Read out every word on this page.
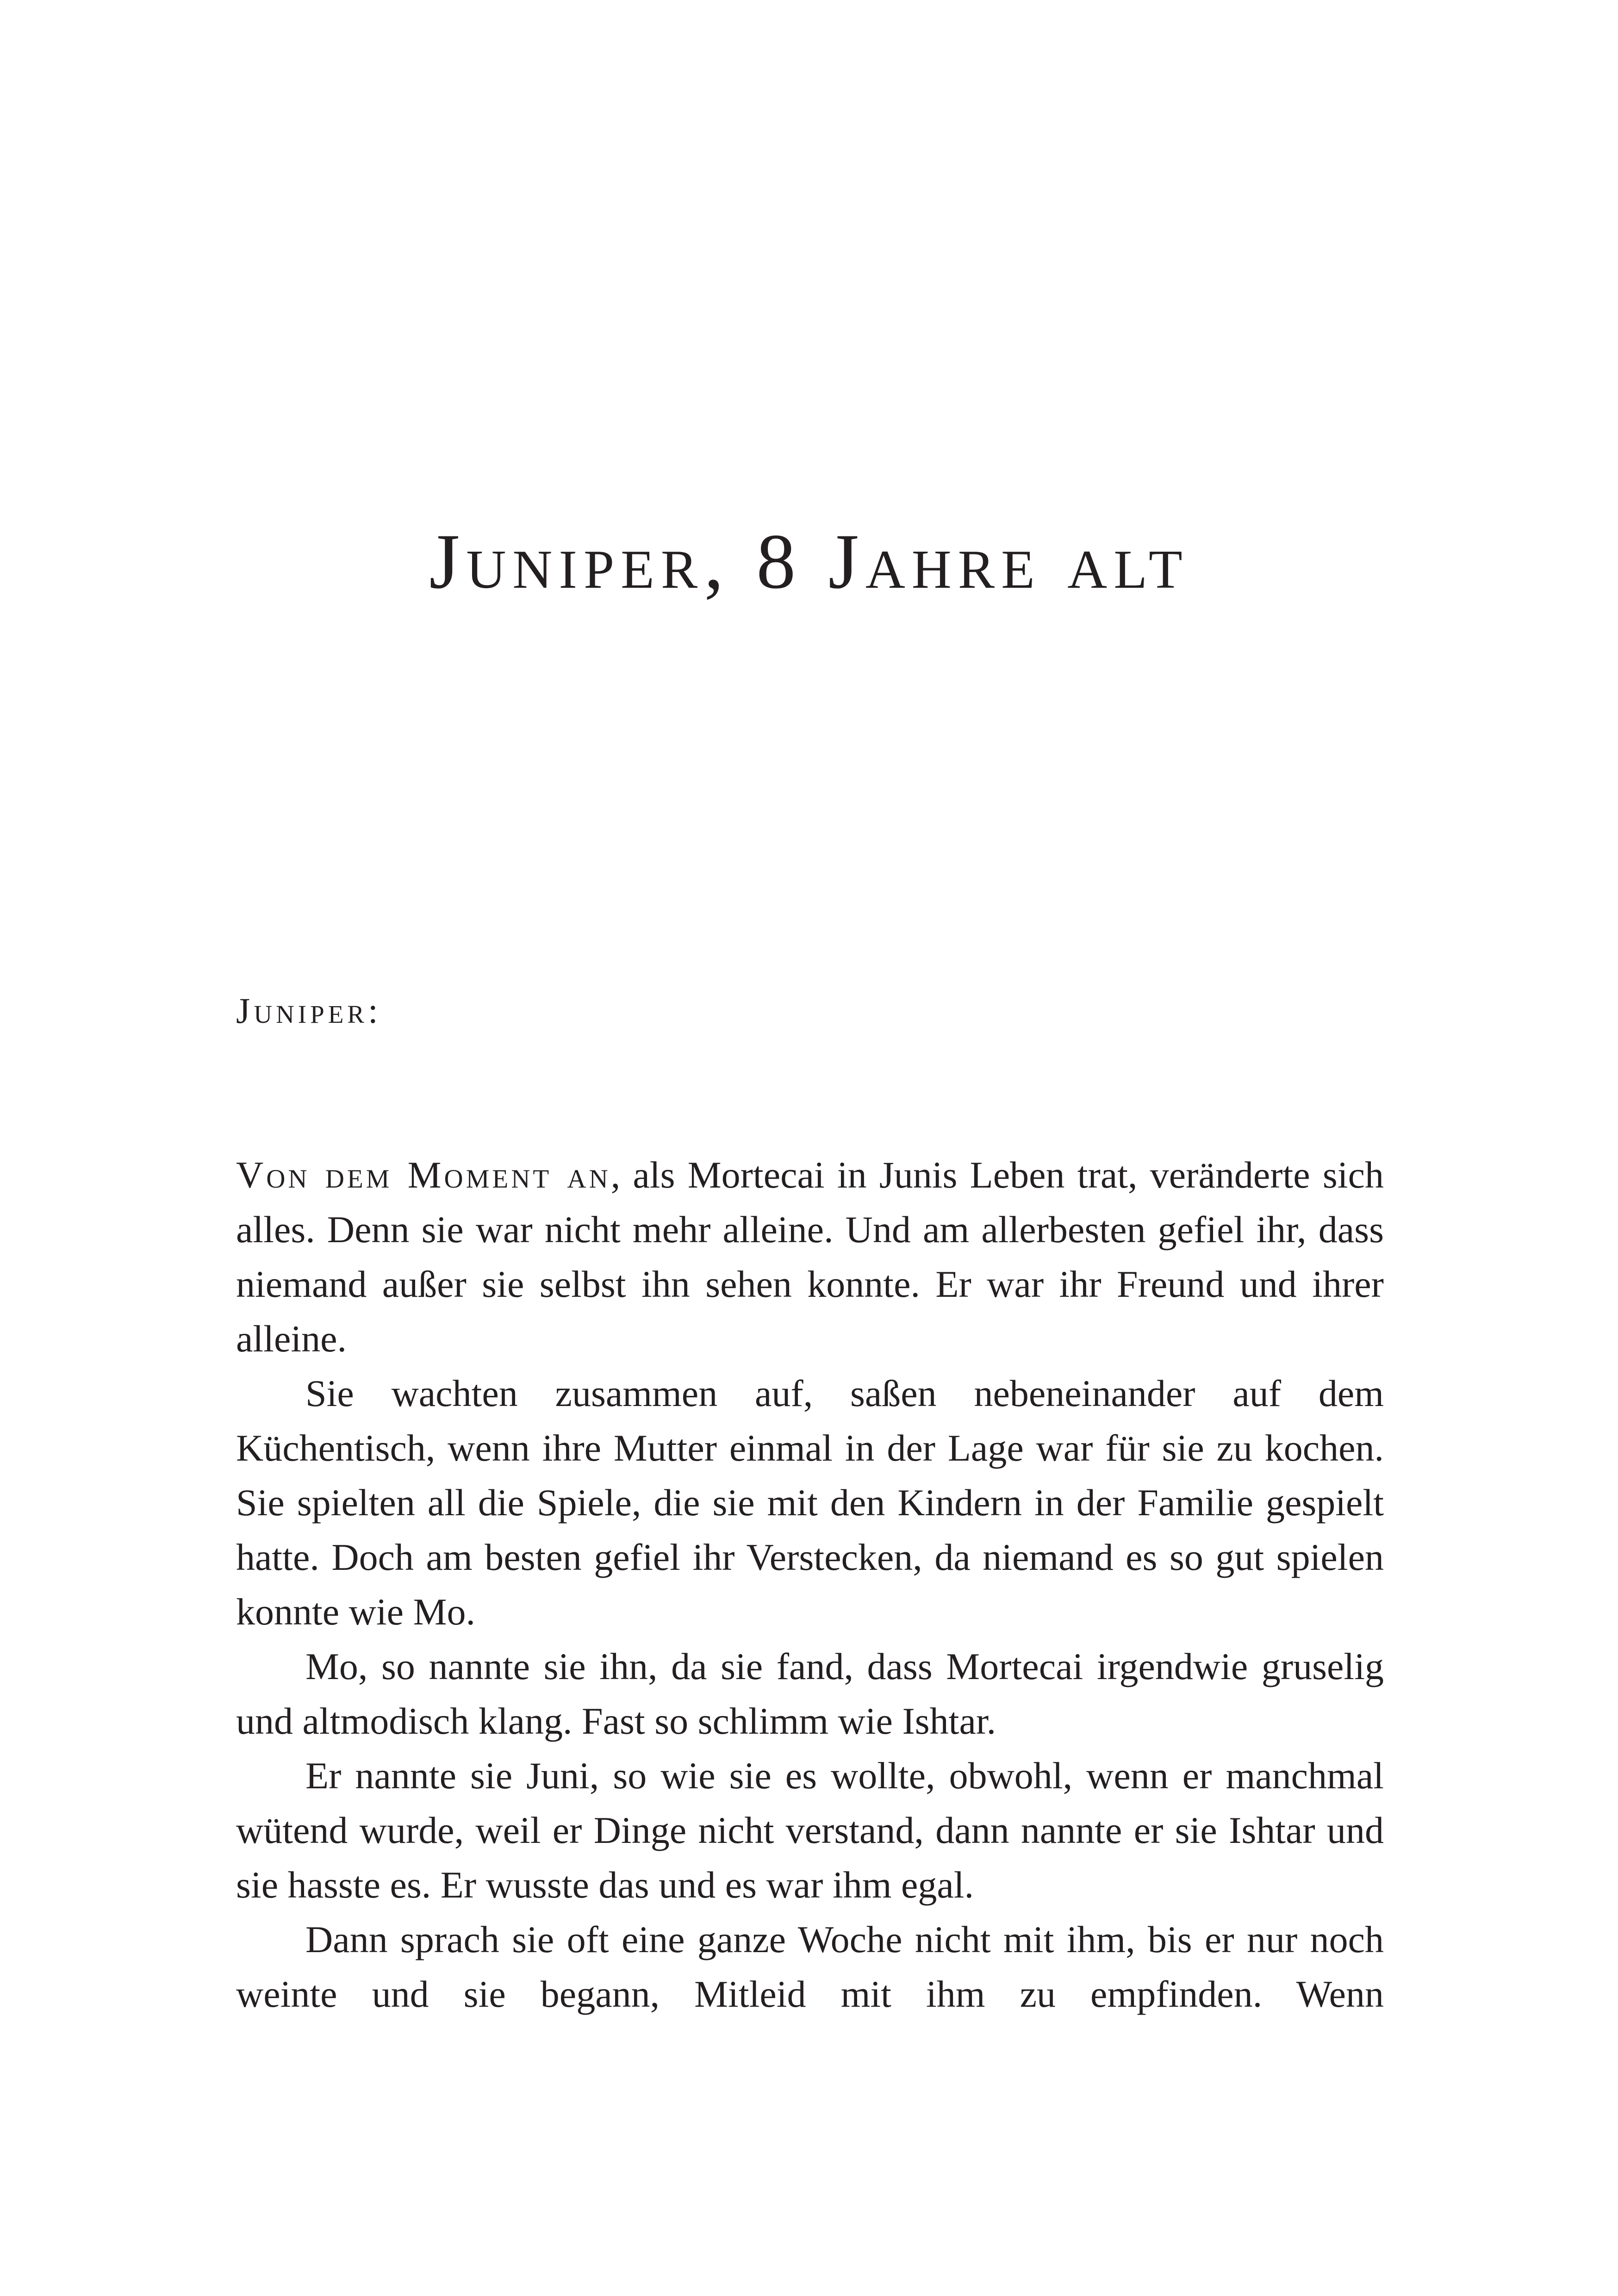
Juniper, 8 Jahre alt
Juniper:

Von dem Moment an, als Mortecai in Junis Leben trat, veränderte sich alles. Denn sie war nicht mehr alleine. Und am allerbesten gefiel ihr, dass niemand außer sie selbst ihn sehen konnte. Er war ihr Freund und ihrer alleine.

Sie wachten zusammen auf, saßen nebeneinander auf dem Küchentisch, wenn ihre Mutter einmal in der Lage war für sie zu kochen. Sie spielten all die Spiele, die sie mit den Kindern in der Familie gespielt hatte. Doch am besten gefiel ihr Verstecken, da niemand es so gut spielen konnte wie Mo.

Mo, so nannte sie ihn, da sie fand, dass Mortecai irgendwie gruselig und altmodisch klang. Fast so schlimm wie Ishtar.

Er nannte sie Juni, so wie sie es wollte, obwohl, wenn er manchmal wütend wurde, weil er Dinge nicht verstand, dann nannte er sie Ishtar und sie hasste es. Er wusste das und es war ihm egal.

Dann sprach sie oft eine ganze Woche nicht mit ihm, bis er nur noch weinte und sie begann, Mitleid mit ihm zu empfinden. Wenn
